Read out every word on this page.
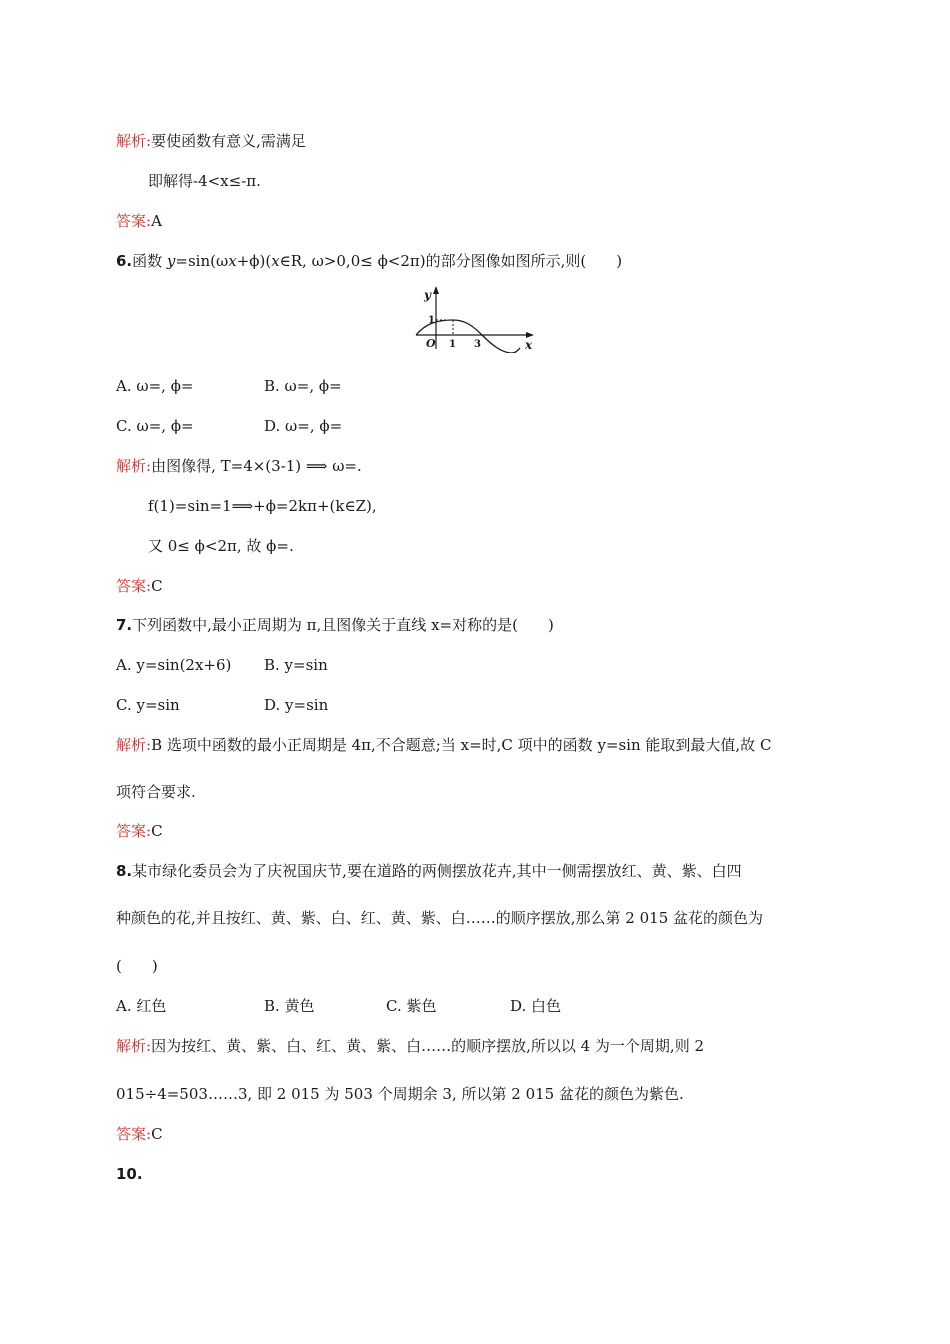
解析:要使函数有意义,需满足
即解得-4<x≤-π.
答案:A
6.函数 y=sin(ωx+ϕ)(x∈R, ω>0,0≤ ϕ<2π)的部分图像如图所示,则(　　)
y
x
O
1
1 3
A. ω=, ϕ=	B. ω=, ϕ=
C. ω=, ϕ=	D. ω=, ϕ=
解析:由图像得, T=4×(3-1) ⟹ ω=.
f(1)=sin=1⟹+ϕ=2kπ+(k∈Z),
又 0≤ ϕ<2π, 故 ϕ=.
答案:C
7.下列函数中,最小正周期为 π,且图像关于直线 x=对称的是(　　)
A. y=sin(2x+6) B. y=sin
C. y=sin	D. y=sin
解析:B 选项中函数的最小正周期是 4π,不合题意;当 x=时,C 项中的函数 y=sin 能取到最大值,故 C
项符合要求.
答案:C
8.某市绿化委员会为了庆祝国庆节,要在道路的两侧摆放花卉,其中一侧需摆放红、黄、紫、白四
种颜色的花,并且按红、黄、紫、白、红、黄、紫、白……的顺序摆放,那么第 2 015 盆花的颜色为
(　　)
A. 红色	B. 黄色	C. 紫色	D. 白色
解析:因为按红、黄、紫、白、红、黄、紫、白……的顺序摆放,所以以 4 为一个周期,则 2
015÷4=503……3, 即 2 015 为 503 个周期余 3, 所以第 2 015 盆花的颜色为紫色.
答案:C
10.
